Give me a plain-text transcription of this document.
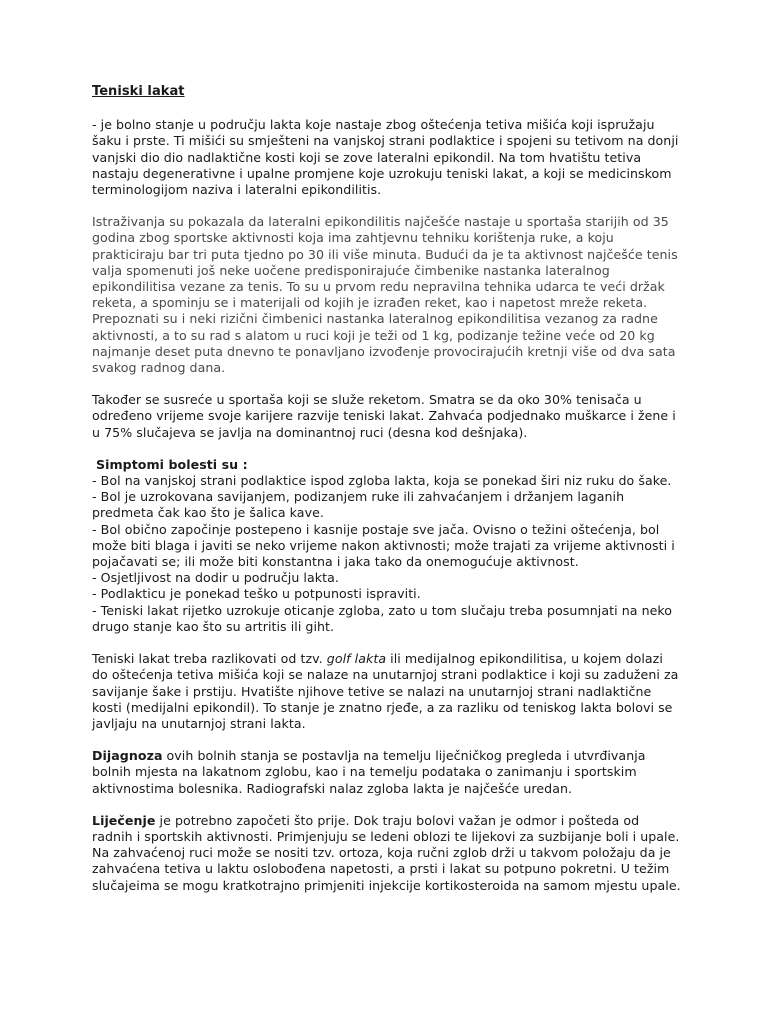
Teniski lakat

- je bolno stanje u području lakta koje nastaje zbog oštećenja tetiva mišića koji ispružaju šaku i prste. Ti mišići su smješteni na vanjskoj strani podlaktice i spojeni su tetivom na donji vanjski dio dio nadlaktične kosti koji se zove lateralni epikondil. Na tom hvatištu tetiva nastaju degenerativne i upalne promjene koje uzrokuju teniski lakat, a koji se medicinskom terminologijom naziva i lateralni epikondilitis.

Istraživanja su pokazala da lateralni epikondilitis najčešće nastaje u sportaša starijih od 35 godina zbog sportske aktivnosti koja ima zahtjevnu tehniku korištenja ruke, a koju prakticiraju bar tri puta tjedno po 30 ili više minuta. Budući da je ta aktivnost najčešće tenis valja spomenuti još neke uočene predisponirajuće čimbenike nastanka lateralnog epikondilitisa vezane za tenis. To su u prvom redu nepravilna tehnika udarca te veći držak reketa, a spominju se i materijali od kojih je izrađen reket, kao i napetost mreže reketa. Prepoznati su i neki rizični čimbenici nastanka lateralnog epikondilitisa vezanog za radne aktivnosti, a to su rad s alatom u ruci koji je teži od 1 kg, podizanje težine veće od 20 kg najmanje deset puta dnevno te ponavljano izvođenje provocirajućih kretnji više od dva sata svakog radnog dana.

Također se susreće u sportaša koji se služe reketom. Smatra se da oko 30% tenisača u određeno vrijeme svoje karijere razvije teniski lakat. Zahvaća podjednako muškarce i žene i u 75% slučajeva se javlja na dominantnoj ruci (desna kod dešnjaka).

Simptomi bolesti su :
- Bol na vanjskoj strani podlaktice ispod zgloba lakta, koja se ponekad širi niz ruku do šake.
- Bol je uzrokovana savijanjem, podizanjem ruke ili zahvaćanjem i držanjem laganih predmeta čak kao što je šalica kave.
- Bol obično započinje postepeno i kasnije postaje sve jača. Ovisno o težini oštećenja, bol može biti blaga i javiti se neko vrijeme nakon aktivnosti; može trajati za vrijeme aktivnosti i pojačavati se; ili može biti konstantna i jaka tako da onemogućuje aktivnost.
- Osjetljivost na dodir u području lakta.
- Podlakticu je ponekad teško u potpunosti ispraviti.
- Teniski lakat rijetko uzrokuje oticanje zgloba, zato u tom slučaju treba posumnjati na neko drugo stanje kao što su artritis ili giht.

Teniski lakat treba razlikovati od tzv. golf lakta ili medijalnog epikondilitisa, u kojem dolazi do oštećenja tetiva mišića koji se nalaze na unutarnjoj strani podlaktice i koji su zaduženi za savijanje šake i prstiju. Hvatište njihove tetive se nalazi na unutarnjoj strani nadlaktične kosti (medijalni epikondil). To stanje je znatno rjeđe, a za razliku od teniskog lakta bolovi se javljaju na unutarnjoj strani lakta.

Dijagnoza ovih bolnih stanja se postavlja na temelju liječničkog pregleda i utvrđivanja bolnih mjesta na lakatnom zglobu, kao i na temelju podataka o zanimanju i sportskim aktivnostima bolesnika. Radiografski nalaz zgloba lakta je najčešće uredan.

Liječenje je potrebno započeti što prije. Dok traju bolovi važan je odmor i pošteda od radnih i sportskih aktivnosti. Primjenjuju se ledeni oblozi te lijekovi za suzbijanje boli i upale. Na zahvaćenoj ruci može se nositi tzv. ortoza, koja ručni zglob drži u takvom položaju da je zahvaćena tetiva u laktu oslobođena napetosti, a prsti i lakat su potpuno pokretni. U težim slučajeima se mogu kratkotrajno primjeniti injekcije kortikosteroida na samom mjestu upale.
